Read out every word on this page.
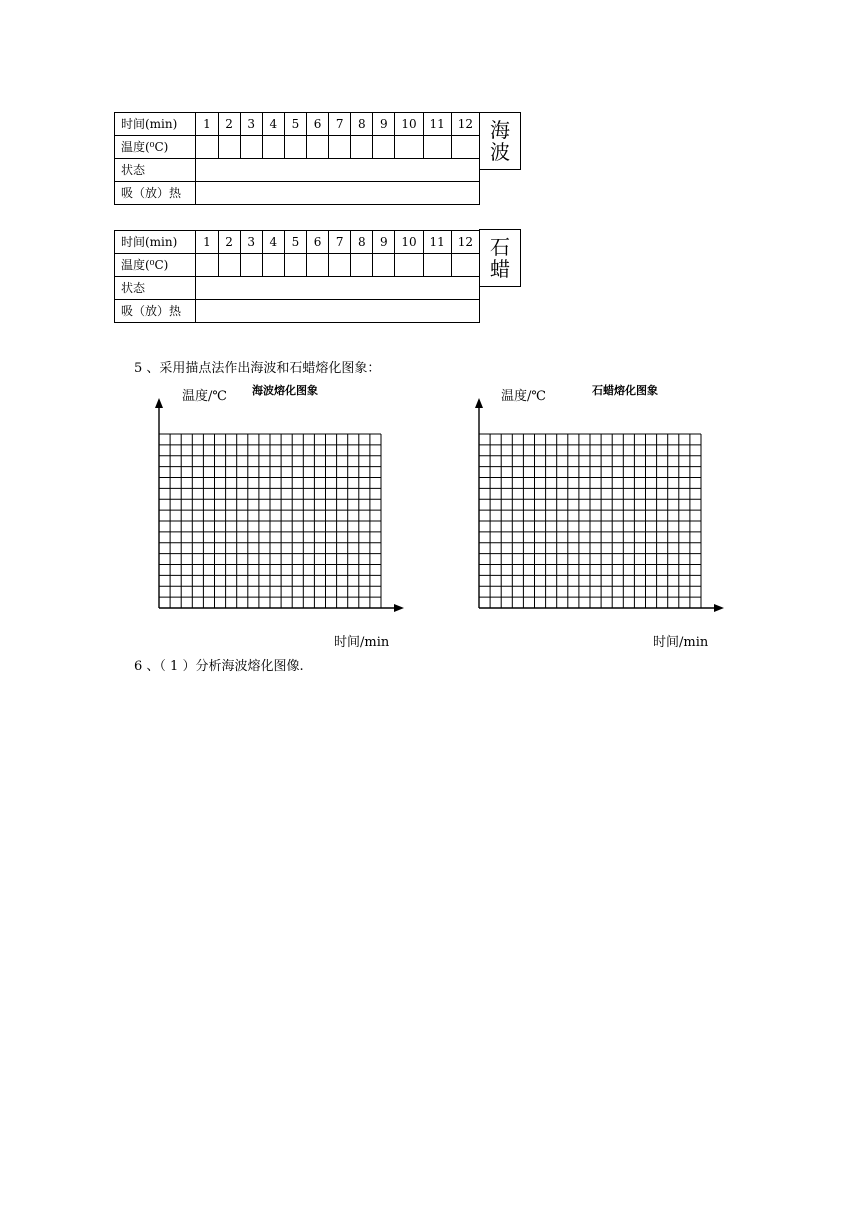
时间(min)	1	2	3	4	5	6	7	8	9	10	11	12
温度(⁰C)												
状态												
吸（放）热												
海
波
时间(min)	1	2	3	4	5	6	7	8	9	10	11	12
温度(⁰C)												
状态												
吸（放）热												
石
蜡
5 、采用描点法作出海波和石蜡熔化图象：
温度/℃ 海波熔化图象
时间/min
温度/℃	石蜡熔化图象
时间/min
6 、（ 1 ）分析海波熔化图像.
